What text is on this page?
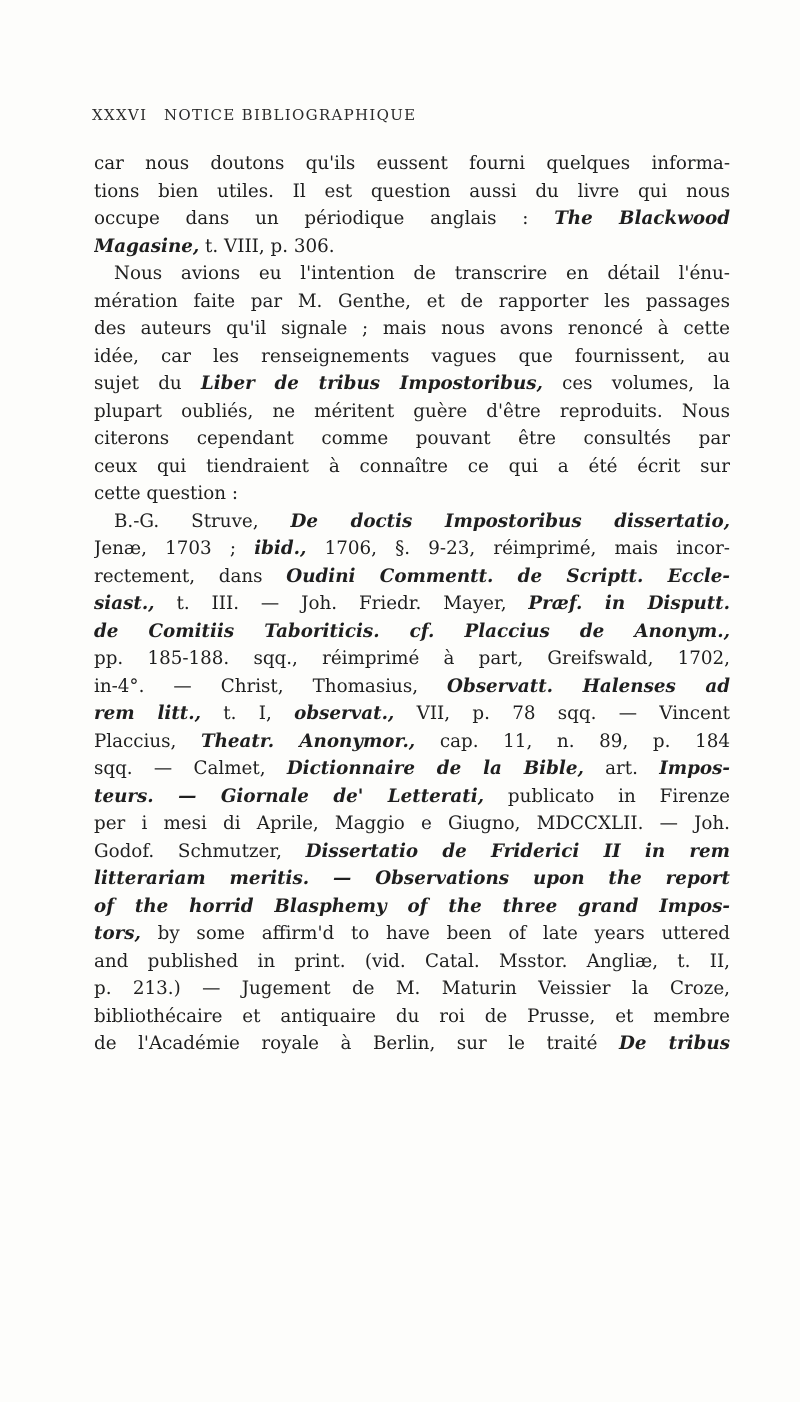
XXXVI NOTICE BIBLIOGRAPHIQUE
car nous doutons qu'ils eussent fourni quelques informa-
tions bien utiles. Il est question aussi du livre qui nous
occupe dans un périodique anglais : The Blackwood
Magasine, t. VIII, p. 306.
Nous avions eu l'intention de transcrire en détail l'énu-
mération faite par M. Genthe, et de rapporter les passages
des auteurs qu'il signale ; mais nous avons renoncé à cette
idée, car les renseignements vagues que fournissent, au
sujet du Liber de tribus Impostoribus, ces volumes, la
plupart oubliés, ne méritent guère d'être reproduits. Nous
citerons cependant comme pouvant être consultés par
ceux qui tiendraient à connaître ce qui a été écrit sur
cette question :
B.-G. Struve, De doctis Impostoribus dissertatio,
Jenæ, 1703 ; ibid., 1706, §. 9-23, réimprimé, mais incor-
rectement, dans Oudini Commentt. de Scriptt. Eccle-
siast., t. III. — Joh. Friedr. Mayer, Præf. in Disputt.
de Comitiis Taboriticis. cf. Placcius de Anonym.,
pp. 185-188. sqq., réimprimé à part, Greifswald, 1702,
in-4°. — Christ, Thomasius, Observatt. Halenses ad
rem litt., t. I, observat., VII, p. 78 sqq. — Vincent
Placcius, Theatr. Anonymor., cap. 11, n. 89, p. 184
sqq. — Calmet, Dictionnaire de la Bible, art. Impos-
teurs. — Giornale de' Letterati, publicato in Firenze
per i mesi di Aprile, Maggio e Giugno, MDCCXLII. — Joh.
Godof. Schmutzer, Dissertatio de Friderici II in rem
litterariam meritis. — Observations upon the report
of the horrid Blasphemy of the three grand Impos-
tors, by some affirm'd to have been of late years uttered
and published in print. (vid. Catal. Msstor. Angliæ, t. II,
p. 213.) — Jugement de M. Maturin Veissier la Croze,
bibliothécaire et antiquaire du roi de Prusse, et membre
de l'Académie royale à Berlin, sur le traité De tribus
